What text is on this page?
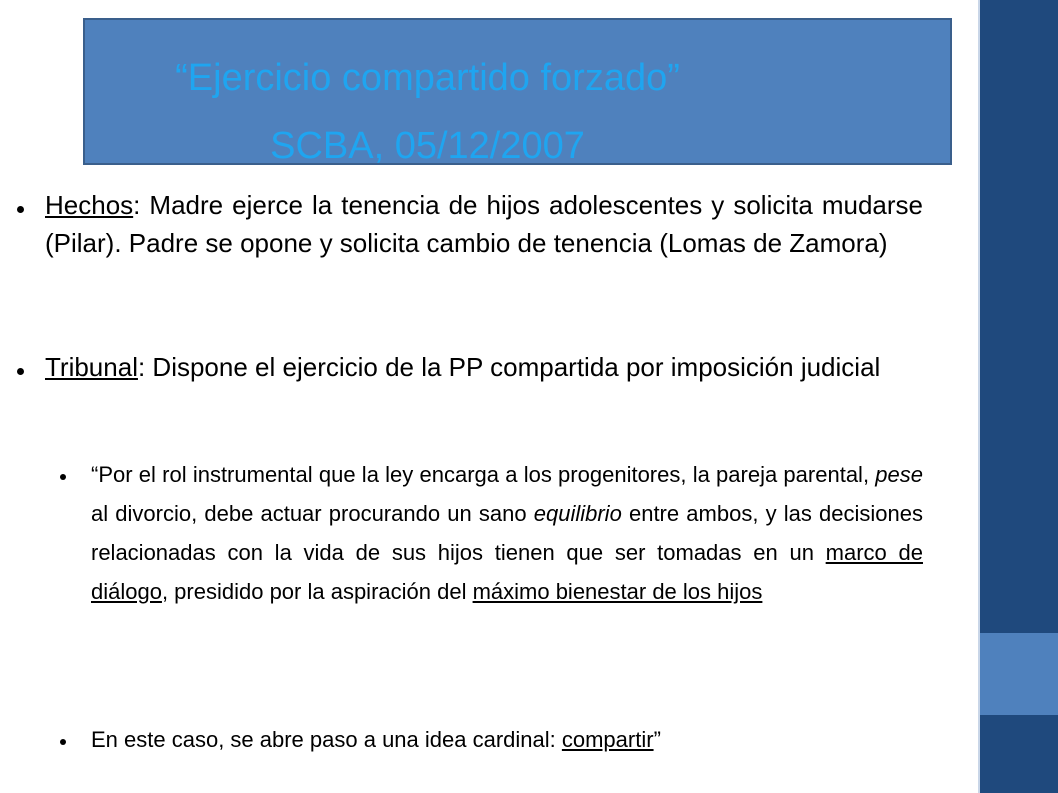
“Ejercicio compartido forzado”
SCBA, 05/12/2007
Hechos: Madre ejerce la tenencia de hijos adolescentes y solicita mudarse (Pilar). Padre se opone y solicita cambio de tenencia (Lomas de Zamora)
Tribunal: Dispone el ejercicio de la PP compartida por imposición judicial
“Por el rol instrumental que la ley encarga a los progenitores, la pareja parental, pese al divorcio, debe actuar procurando un sano equilibrio entre ambos, y las decisiones relacionadas con la vida de sus hijos tienen que ser tomadas en un marco de diálogo, presidido por la aspiración del máximo bienestar de los hijos
En este caso, se abre paso a una idea cardinal: compartir”
